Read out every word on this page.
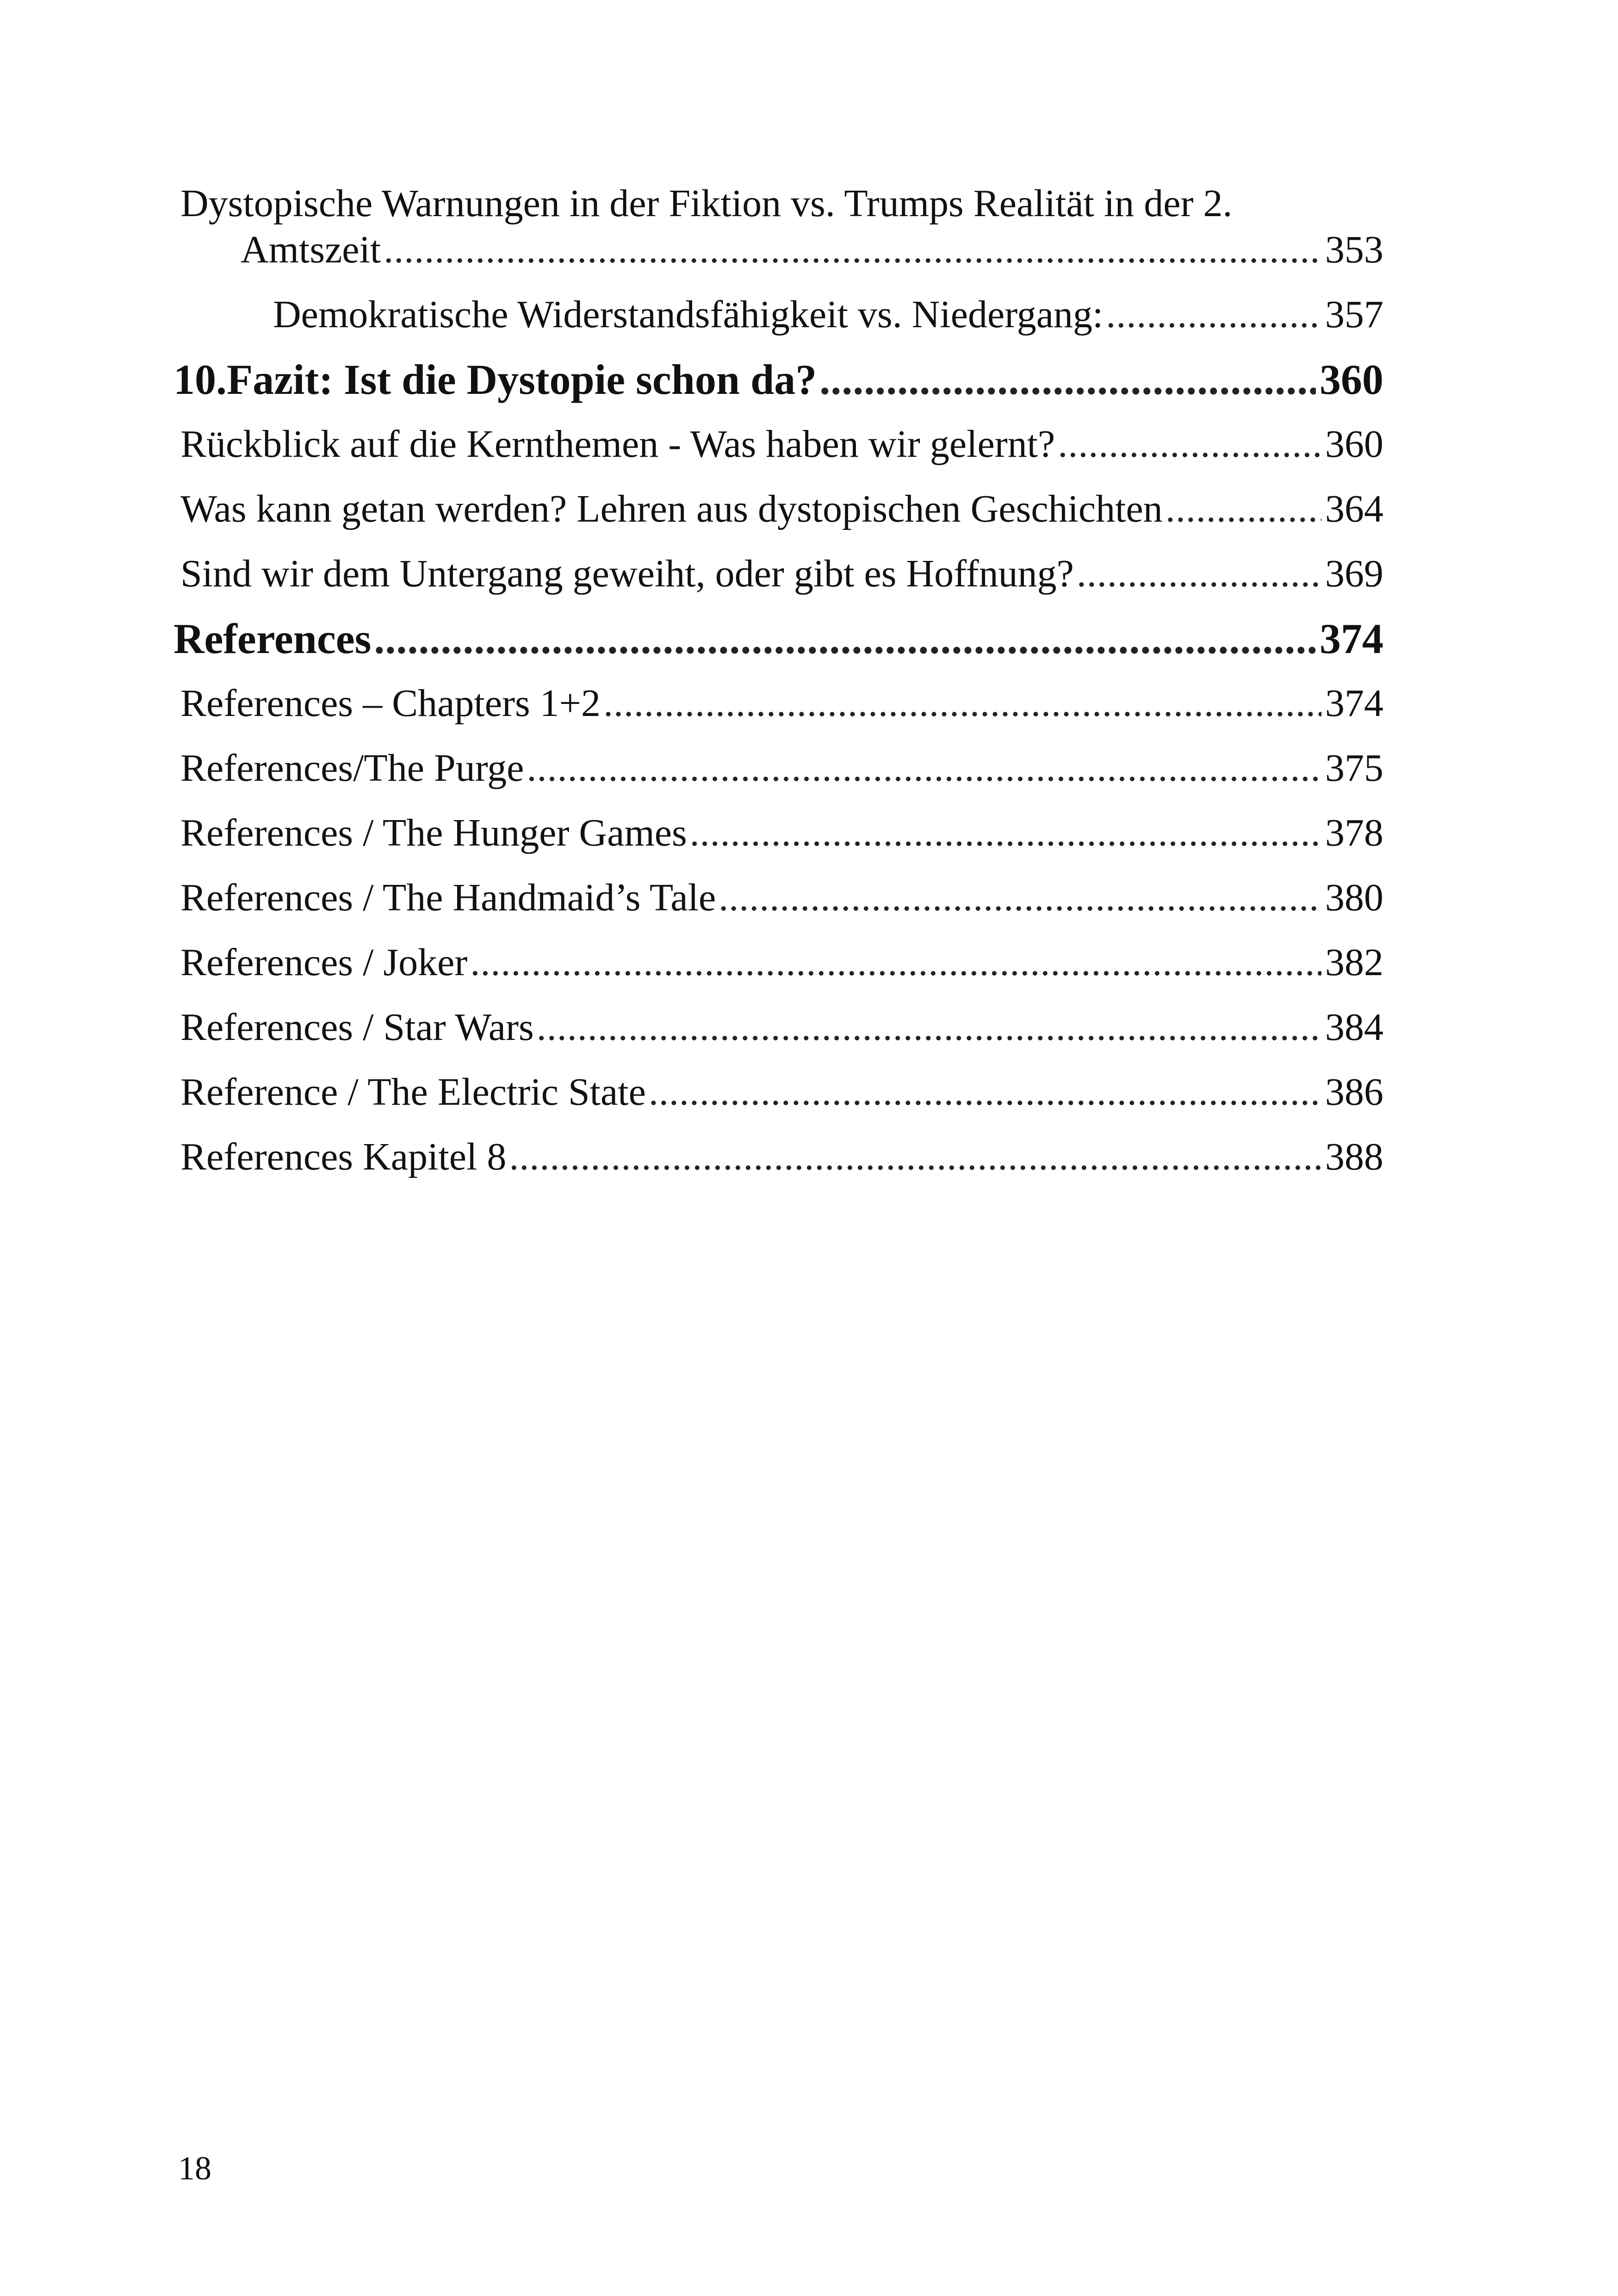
Dystopische Warnungen in der Fiktion vs. Trumps Realität in der 2.
Amtszeit .....	353
Demokratische Widerstandsfähigkeit vs. Niedergang: .....	357
10.Fazit: Ist die Dystopie schon da? .....	360
Rückblick auf die Kernthemen - Was haben wir gelernt? .....	360
Was kann getan werden? Lehren aus dystopischen Geschichten .....	364
Sind wir dem Untergang geweiht, oder gibt es Hoffnung? .....	369
References .....	374
References – Chapters 1+2 .....	374
References/The Purge .....	375
References / The Hunger Games .....	378
References / The Handmaid’s Tale .....	380
References / Joker .....	382
References / Star Wars .....	384
Reference / The Electric State .....	386
References Kapitel 8 .....	388
18
